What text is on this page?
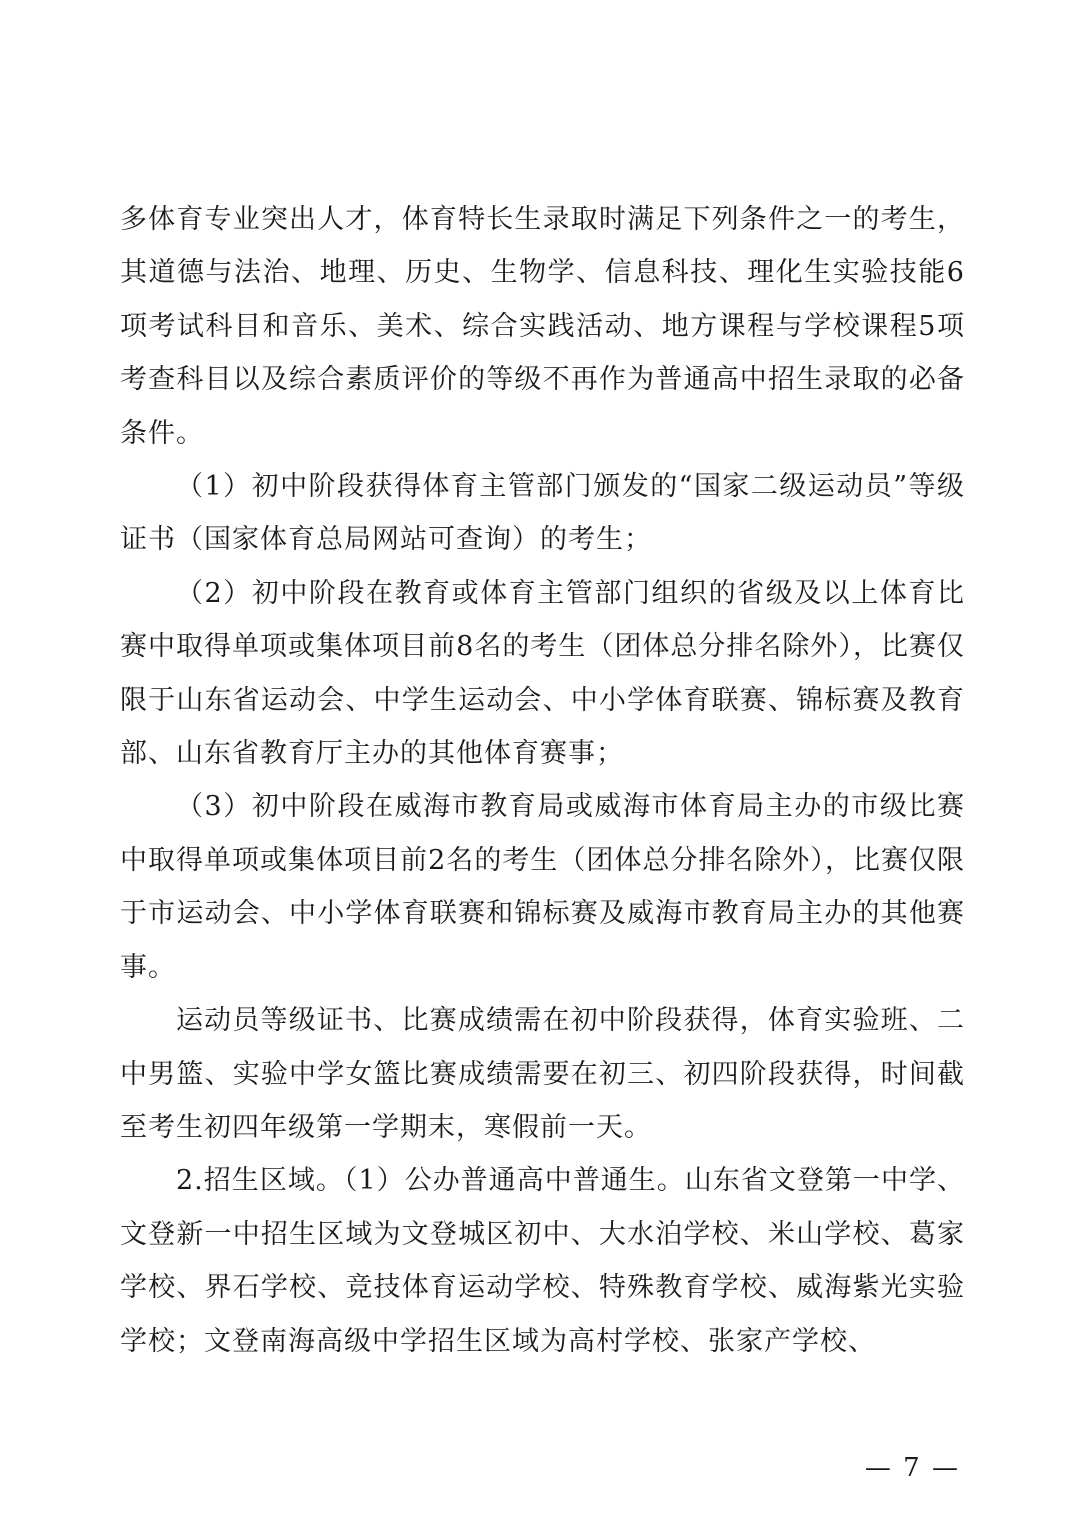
多体育专业突出人才，体育特长生录取时满足下列条件之一的考生，其道德与法治、地理、历史、生物学、信息科技、理化生实验技能6项考试科目和音乐、美术、综合实践活动、地方课程与学校课程5项考查科目以及综合素质评价的等级不再作为普通高中招生录取的必备条件。

（1）初中阶段获得体育主管部门颁发的“国家二级运动员”等级证书（国家体育总局网站可查询）的考生；

（2）初中阶段在教育或体育主管部门组织的省级及以上体育比赛中取得单项或集体项目前8名的考生（团体总分排名除外），比赛仅限于山东省运动会、中学生运动会、中小学体育联赛、锦标赛及教育部、山东省教育厅主办的其他体育赛事；

（3）初中阶段在威海市教育局或威海市体育局主办的市级比赛中取得单项或集体项目前2名的考生（团体总分排名除外），比赛仅限于市运动会、中小学体育联赛和锦标赛及威海市教育局主办的其他赛事。

运动员等级证书、比赛成绩需在初中阶段获得，体育实验班、二中男篮、实验中学女篮比赛成绩需要在初三、初四阶段获得，时间截至考生初四年级第一学期末，寒假前一天。

2.招生区域。（1）公办普通高中普通生。山东省文登第一中学、文登新一中招生区域为文登城区初中、大水泊学校、米山学校、葛家学校、界石学校、竞技体育运动学校、特殊教育学校、威海紫光实验学校；文登南海高级中学招生区域为高村学校、张家产学校、

— 7 —
